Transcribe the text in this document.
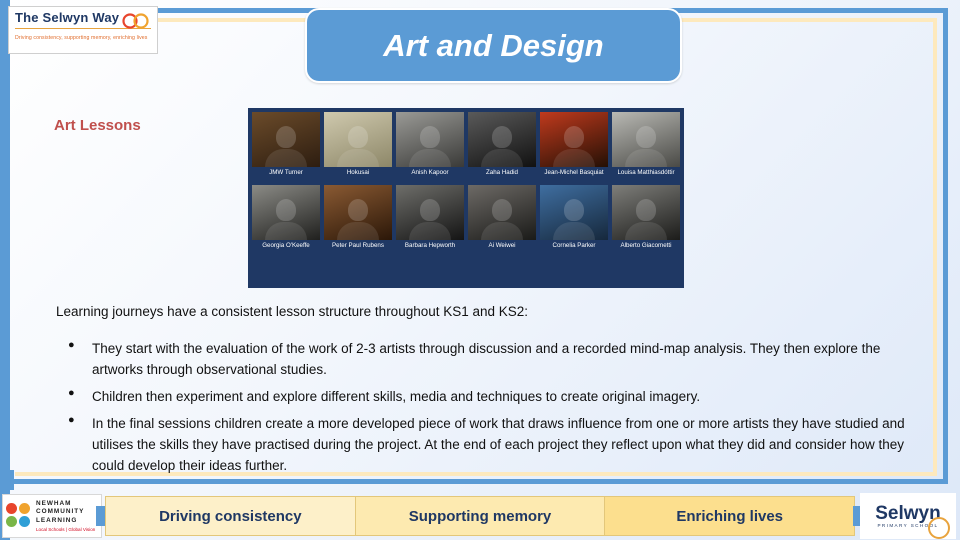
The Selwyn Way
Driving consistency, supporting memory, enriching lives	Art and Design
Art Lessons
JMW Turner	Hokusai	Anish Kapoor	Zaha Hadid	Jean-Michel Basquiat	Louisa Matthiasdóttir
Georgia O'Keeffe	Peter Paul Rubens	Barbara Hepworth	Ai Weiwei	Cornelia Parker	Alberto Giacometti
Learning journeys have a consistent lesson structure throughout KS1 and KS2:
●	They start with the evaluation of the work of 2-3 artists through discussion and a recorded mind-map analysis. They then explore the artworks through observational studies.
●	Children then experiment and explore different skills, media and techniques to create original imagery.
●	In the final sessions children create a more developed piece of work that draws influence from one or more artists they have studied and utilises the skills they have practised during the project. At the end of each project they reflect upon what they did and consider how they could develop their ideas further.
NEWHAM
COMMUNITY
LEARNING
Local Schools | Global Vision
Driving consistency	Supporting memory	Enriching lives	Selwyn
PRIMARY SCHOOL
